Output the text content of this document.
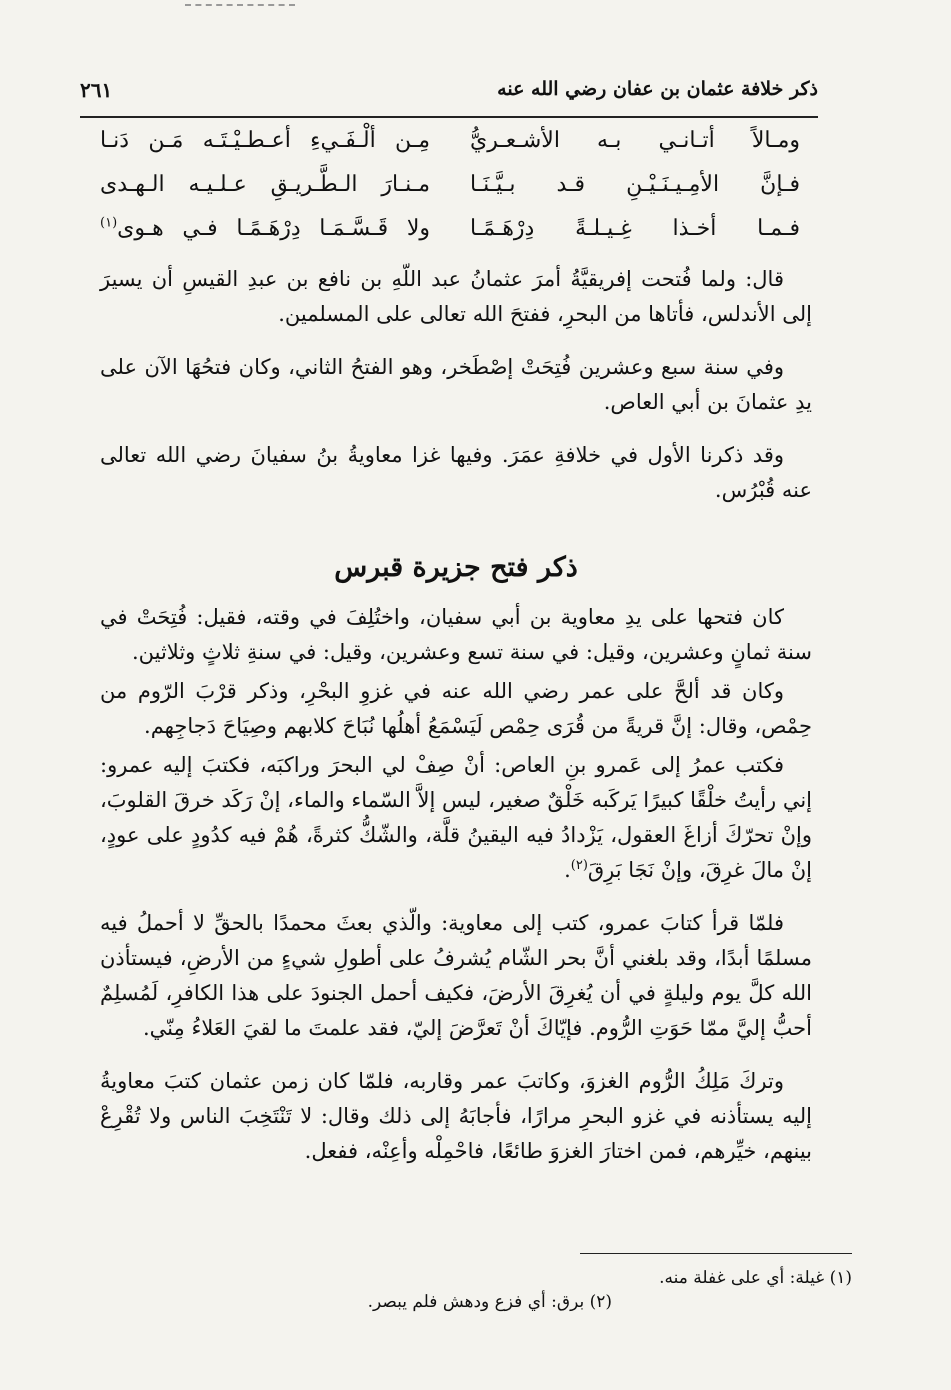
ذكر خلافة عثمان بن عفان رضي الله عنه
٢٦١
ومـالاً أتـانـي بـه الأشـعـريُّ
مِـن ألْـفَـيءِ أعـطـيْـتَـه مَـن دَنـا
فـإنَّ الأمِـيـنَـيْـنِ قـد بـيَّـنَـا
مـنـارَ الـطَّـريـقِ عـلـيـه الـهـدى
فـمـا أخـذا غِـيـلـةً دِرْهَـمًـا
ولا قَـسَّـمَـا دِرْهَـمًـا فـي هـوى$^{(١)}$

قال: ولما فُتحت إفريقيَّةُ أمرَ عثمانُ عبد اللّهِ بن نافع بن عبدِ القيسِ أن يسيرَ إلى الأندلس، فأتاها من البحرِ، ففتحَ الله تعالى على المسلمين.

وفي سنة سبع وعشرين فُتِحَتْ إصْطَخر، وهو الفتحُ الثاني، وكان فتحُهَا الآن على يدِ عثمانَ بن أبي العاص.

وقد ذكرنا الأول في خلافةِ عمَرَ. وفيها غزا معاويةُ بنُ سفيانَ رضي الله تعالى عنه قُبْرُس.

ذكر فتح جزيرة قبرس

كان فتحها على يدِ معاوية بن أبي سفيان، واختُلِفَ في وقته، فقيل: فُتِحَتْ في سنة ثمانٍ وعشرين، وقيل: في سنة تسع وعشرين، وقيل: في سنةِ ثلاثٍ وثلاثين.

وكان قد ألحَّ على عمر رضي الله عنه في غزوِ البحْرِ، وذكر قرْبَ الرّوم من حِمْص، وقال: إنَّ قريةً من قُرَى حِمْص لَيَسْمَعُ أهلُها نُبَاحَ كلابهم وصِيَاحَ دَجاجِهم.

فكتب عمرُ إلى عَمرو بنِ العاص: أنْ صِفْ لي البحرَ وراكبَه، فكتبَ إليه عمرو: إني رأيتُ خلْقًا كبيرًا يَركَبه خَلْقٌ صغير، ليس إلاَّ السّماء والماء، إنْ رَكَد خرقَ القلوبَ، وإنْ تحرّكَ أزاغَ العقول، يَزْدادُ فيه اليقينُ قلَّة، والشّكُّ كثرةً، هُمْ فيه كدُودٍ على عودٍ، إنْ مالَ غرِقَ، وإنْ نَجَا بَرِقَ$^{(٢)}$.

فلمّا قرأ كتابَ عمرو، كتب إلى معاوية: والّذي بعثَ محمدًا بالحقِّ لا أحملُ فيه مسلمًا أبدًا، وقد بلغني أنَّ بحر الشّام يُشرفُ على أطولِ شيءٍ من الأرضِ، فيستأذن الله كلَّ يوم وليلةٍ في أن يُغرِقَ الأرضَ، فكيف أحمل الجنودَ على هذا الكافرِ، لَمُسلِمٌ أحبُّ إليَّ ممّا حَوَتِ الرُّوم. فإيّاكَ أنْ تَعرَّضَ إليّ، فقد علمتَ ما لقيَ العَلاءُ مِنّي.

وتركَ مَلِكُ الرُّوم الغزوَ، وكاتبَ عمر وقاربه، فلمّا كان زمن عثمان كتبَ معاويةُ إليه يستأذنه في غزو البحرِ مرارًا، فأجابَهُ إلى ذلك وقال: لا تَنْتَخِبَ الناس ولا تُقْرِعْ بينهم، خيِّرهم، فمن اختارَ الغزوَ طائعًا، فاحْمِلْه وأعِنْه، ففعل.

(١) غيلة: أي على غفلة منه.
(٢) برق: أي فزع ودهش فلم يبصر.
